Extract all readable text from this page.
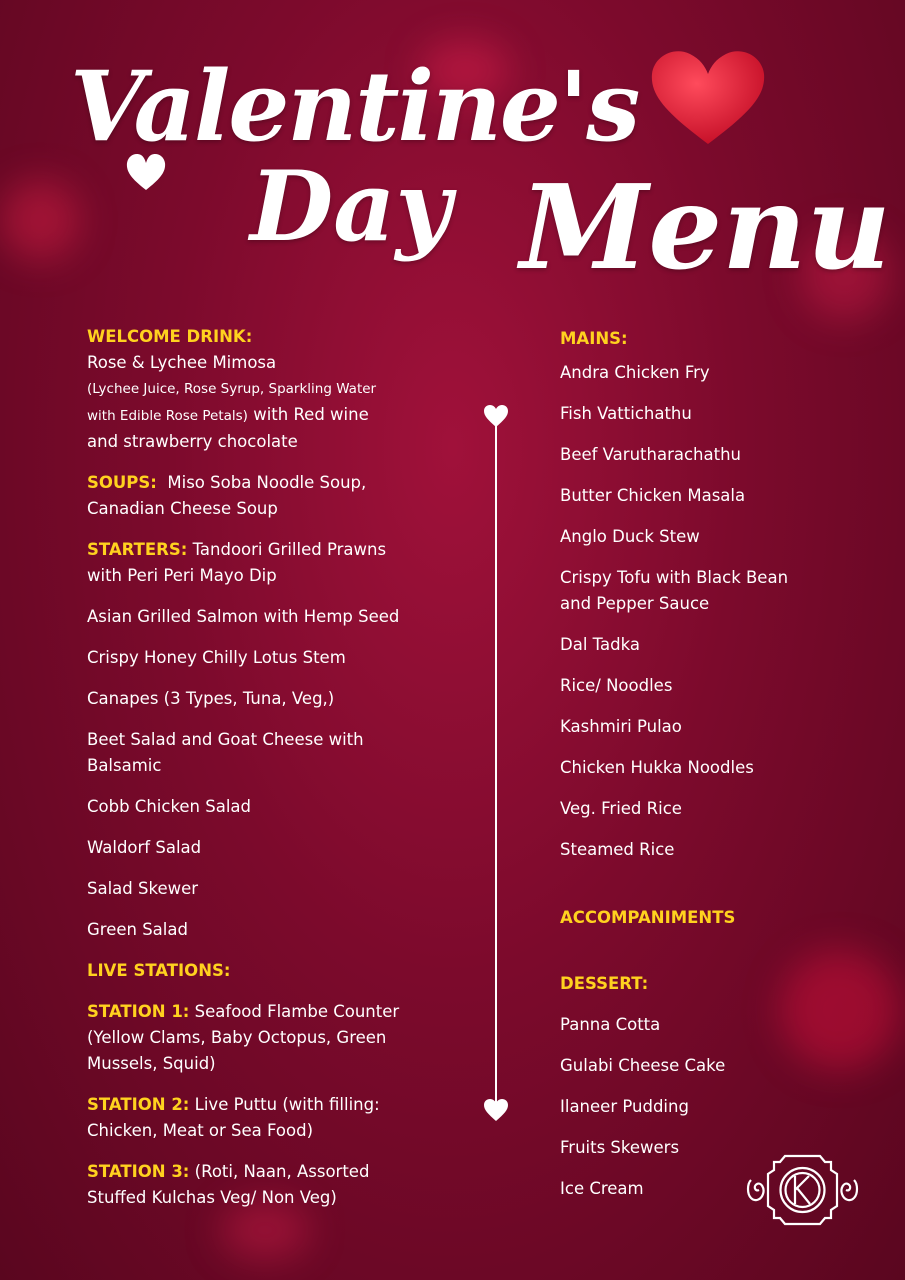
Valentine's
Day Menu
WELCOME DRINK:
Rose & Lychee Mimosa
(Lychee Juice, Rose Syrup, Sparkling Water
with Edible Rose Petals) with Red wine
and strawberry chocolate
SOUPS: Miso Soba Noodle Soup,
Canadian Cheese Soup
STARTERS: Tandoori Grilled Prawns
with Peri Peri Mayo Dip
Asian Grilled Salmon with Hemp Seed
Crispy Honey Chilly Lotus Stem
Canapes (3 Types, Tuna, Veg,)
Beet Salad and Goat Cheese with
Balsamic
Cobb Chicken Salad
Waldorf Salad
Salad Skewer
Green Salad
LIVE STATIONS:
STATION 1: Seafood Flambe Counter
(Yellow Clams, Baby Octopus, Green
Mussels, Squid)
STATION 2: Live Puttu (with filling:
Chicken, Meat or Sea Food)
STATION 3: (Roti, Naan, Assorted
Stuffed Kulchas Veg/ Non Veg)
MAINS:
Andra Chicken Fry
Fish Vattichathu
Beef Varutharachathu
Butter Chicken Masala
Anglo Duck Stew
Crispy Tofu with Black Bean
and Pepper Sauce
Dal Tadka
Rice/ Noodles
Kashmiri Pulao
Chicken Hukka Noodles
Veg. Fried Rice
Steamed Rice
ACCOMPANIMENTS
DESSERT:
Panna Cotta
Gulabi Cheese Cake
Ilaneer Pudding
Fruits Skewers
Ice Cream
